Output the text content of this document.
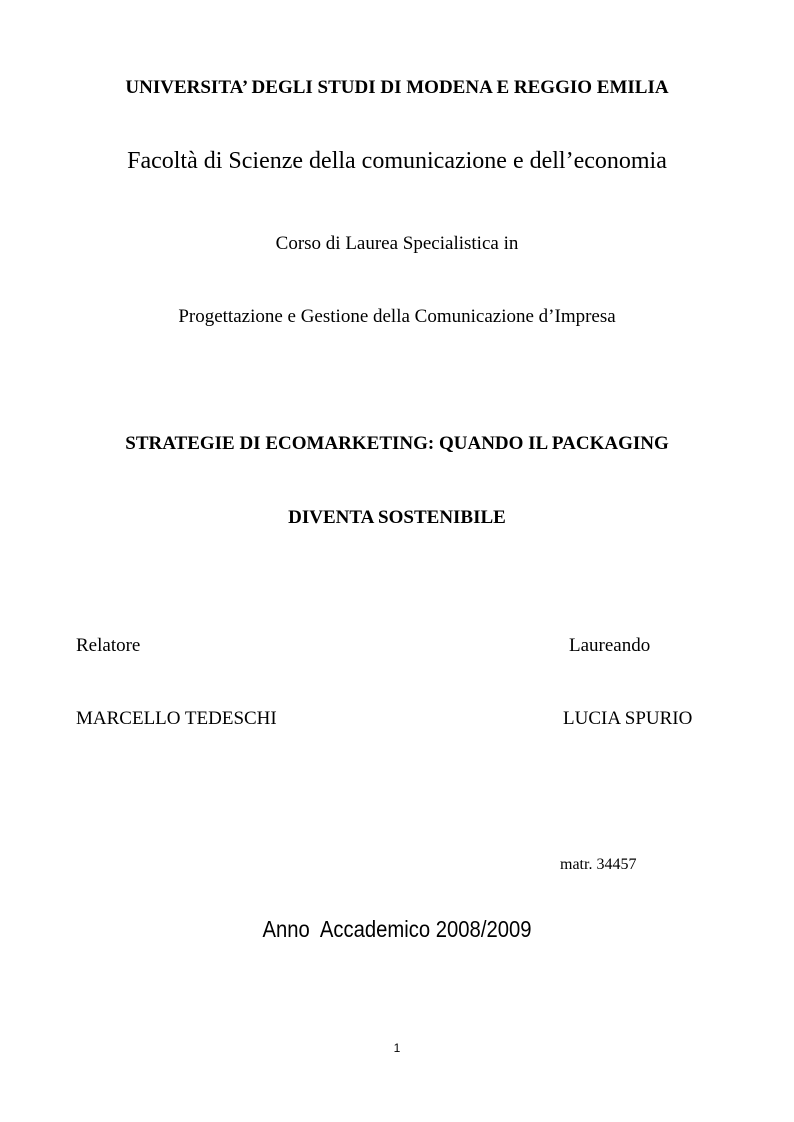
UNIVERSITA’ DEGLI STUDI DI MODENA E REGGIO EMILIA

Facoltà di Scienze della comunicazione e dell’economia

Corso di Laurea Specialistica in

Progettazione e Gestione della Comunicazione d’Impresa

STRATEGIE DI ECOMARKETING: QUANDO IL PACKAGING

DIVENTA SOSTENIBILE

Relatore	Laureando

MARCELLO TEDESCHI	LUCIA SPURIO

matr. 34457

Anno  Accademico 2008/2009

1
